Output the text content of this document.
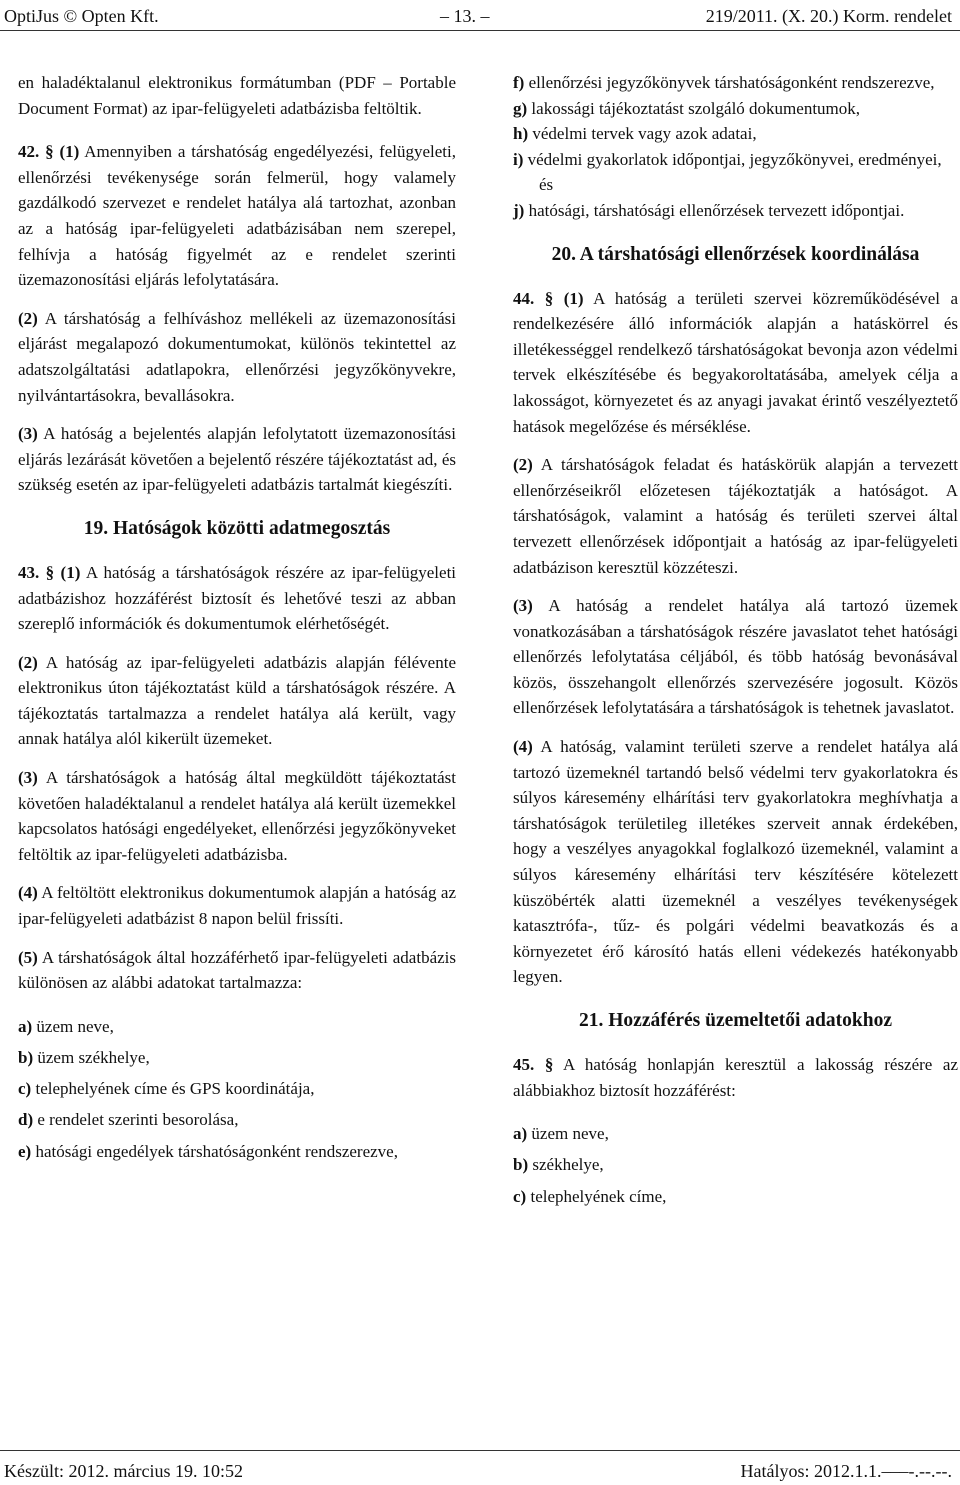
OptiJus © Opten Kft.	– 13. –	219/2011. (X. 20.) Korm. rendelet

en haladéktalanul elektronikus formátumban (PDF – Portable Document Format) az ipar-felügyeleti adatbázisba feltöltik.

42. § (1) Amennyiben a társhatóság engedélyezési, felügyeleti, ellenőrzési tevékenysége során felmerül, hogy valamely gazdálkodó szervezet e rendelet hatálya alá tartozhat, azonban az a hatóság ipar-felügyeleti adatbázisában nem szerepel, felhívja a hatóság figyelmét az e rendelet szerinti üzemazonosítási eljárás lefolytatására.

(2) A társhatóság a felhíváshoz mellékeli az üzemazonosítási eljárást megalapozó dokumentumokat, különös tekintettel az adatszolgáltatási adatlapokra, ellenőrzési jegyzőkönyvekre, nyilvántartásokra, bevallásokra.

(3) A hatóság a bejelentés alapján lefolytatott üzemazonosítási eljárás lezárását követően a bejelentő részére tájékoztatást ad, és szükség esetén az ipar-felügyeleti adatbázis tartalmát kiegészíti.

19. Hatóságok közötti adatmegosztás

43. § (1) A hatóság a társhatóságok részére az ipar-felügyeleti adatbázishoz hozzáférést biztosít és lehetővé teszi az abban szereplő információk és dokumentumok elérhetőségét.

(2) A hatóság az ipar-felügyeleti adatbázis alapján félévente elektronikus úton tájékoztatást küld a társhatóságok részére. A tájékoztatás tartalmazza a rendelet hatálya alá került, vagy annak hatálya alól kikerült üzemeket.

(3) A társhatóságok a hatóság által megküldött tájékoztatást követően haladéktalanul a rendelet hatálya alá került üzemekkel kapcsolatos hatósági engedélyeket, ellenőrzési jegyzőkönyveket feltöltik az ipar-felügyeleti adatbázisba.

(4) A feltöltött elektronikus dokumentumok alapján a hatóság az ipar-felügyeleti adatbázist 8 napon belül frissíti.

(5) A társhatóságok által hozzáférhető ipar-felügyeleti adatbázis különösen az alábbi adatokat tartalmazza:

a) üzem neve,
b) üzem székhelye,
c) telephelyének címe és GPS koordinátája,
d) e rendelet szerinti besorolása,
e) hatósági engedélyek társhatóságonként rendszerezve,
f) ellenőrzési jegyzőkönyvek társhatóságonként rendszerezve,
g) lakossági tájékoztatást szolgáló dokumentumok,
h) védelmi tervek vagy azok adatai,
i) védelmi gyakorlatok időpontjai, jegyzőkönyvei, eredményei, és
j) hatósági, társhatósági ellenőrzések tervezett időpontjai.
20. A társhatósági ellenőrzések koordinálása

44. § (1) A hatóság a területi szervei közreműködésével a rendelkezésére álló információk alapján a hatáskörrel és illetékességgel rendelkező társhatóságokat bevonja azon védelmi tervek elkészítésébe és begyakoroltatásába, amelyek célja a lakosságot, környezetet és az anyagi javakat érintő veszélyeztető hatások megelőzése és mérséklése.

(2) A társhatóságok feladat és hatáskörük alapján a tervezett ellenőrzéseikről előzetesen tájékoztatják a hatóságot. A társhatóságok, valamint a hatóság és területi szervei által tervezett ellenőrzések időpontjait a hatóság az ipar-felügyeleti adatbázison keresztül közzéteszi.

(3) A hatóság a rendelet hatálya alá tartozó üzemek vonatkozásában a társhatóságok részére javaslatot tehet hatósági ellenőrzés lefolytatása céljából, és több hatóság bevonásával közös, összehangolt ellenőrzés szervezésére jogosult. Közös ellenőrzések lefolytatására a társhatóságok is tehetnek javaslatot.

(4) A hatóság, valamint területi szerve a rendelet hatálya alá tartozó üzemeknél tartandó belső védelmi terv gyakorlatokra és súlyos káresemény elhárítási terv gyakorlatokra meghívhatja a társhatóságok területileg illetékes szerveit annak érdekében, hogy a veszélyes anyagokkal foglalkozó üzemeknél, valamint a súlyos káresemény elhárítási terv készítésére kötelezett küszöbérték alatti üzemeknél a veszélyes tevékenységek katasztrófa-, tűz- és polgári védelmi beavatkozás és a környezetet érő károsító hatás elleni védekezés hatékonyabb legyen.

21. Hozzáférés üzemeltetői adatokhoz

45. § A hatóság honlapján keresztül a lakosság részére az alábbiakhoz biztosít hozzáférést:

a) üzem neve,
b) székhelye,
c) telephelyének címe,
Készült: 2012. március 19. 10:52	Hatályos: 2012.1.1.–––-.--.--.
